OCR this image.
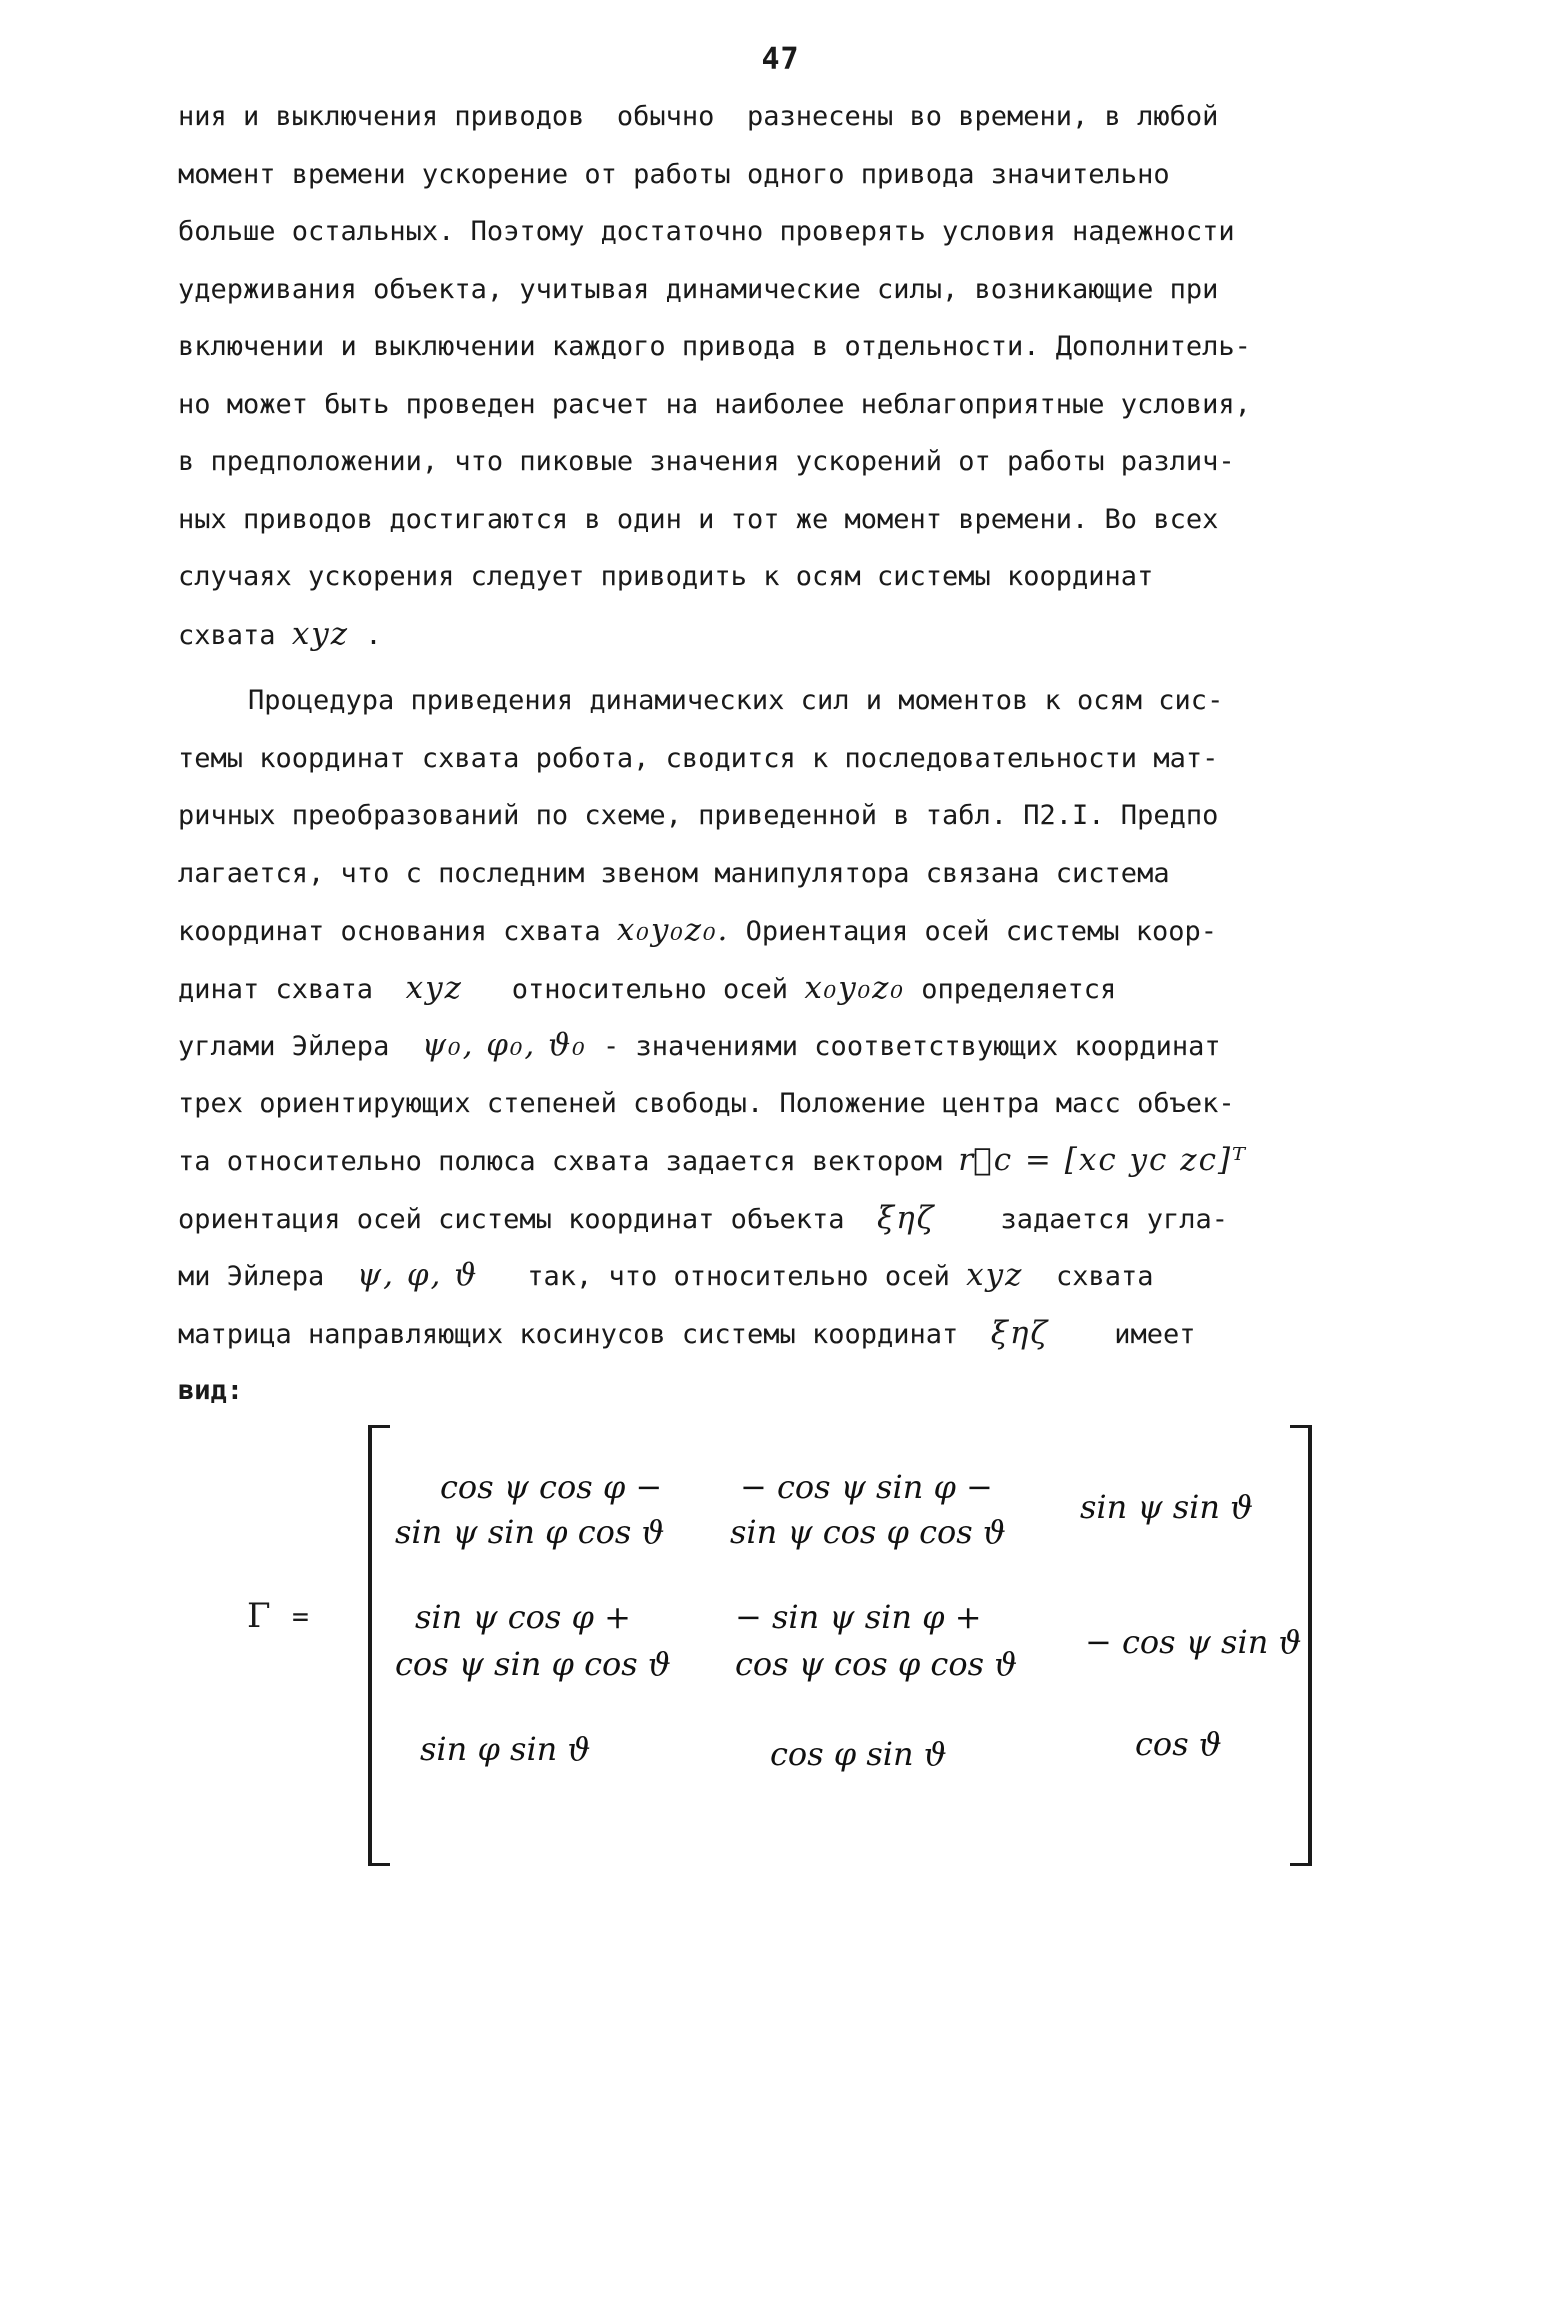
47
ния и выключения приводов  обычно  разнесены во времени, в любой
момент времени ускорение от работы одного привода значительно
больше остальных. Поэтому достаточно проверять условия надежности
удерживания объекта, учитывая динамические силы, возникающие при
включении и выключении каждого привода в отдельности. Дополнитель-
но может быть проведен расчет на наиболее неблагоприятные условия,
в предположении, что пиковые значения ускорений от работы различ-
ных приводов достигаются в один и тот же момент времени. Во всех
случаях ускорения следует приводить к осям системы координат
схвата xyz .
Процедура приведения динамических сил и моментов к осям сис-
темы координат схвата робота, сводится к последовательности мат-
ричных преобразований по схеме, приведенной в табл. П2.I. Предпо
лагается, что с последним звеном манипулятора связана система
координат основания схвата x₀y₀z₀. Ориентация осей системы коор-
динат схвата xyz относительно осей x₀y₀z₀ определяется
углами Эйлера ψ₀, φ₀, ϑ₀ - значениями соответствующих координат
трех ориентирующих степеней свободы. Положение центра масс объек-
та относительно полюса схвата задается вектором r⃗c = [xc yc zc]ᵀ
ориентация осей системы координат объекта ξηζ задается угла-
ми Эйлера ψ, φ, ϑ так, что относительно осей xyz схвата
матрица направляющих косинусов системы координат ξηζ имеет
вид:
Γ =
cos ψ cos φ −
sin ψ sin φ cos ϑ
− cos ψ sin φ −
sin ψ cos φ cos ϑ
sin ψ sin ϑ
sin ψ cos φ +
cos ψ sin φ cos ϑ
− sin ψ sin φ +
cos ψ cos φ cos ϑ
− cos ψ sin ϑ
sin φ sin ϑ	cos φ sin ϑ	cos ϑ
